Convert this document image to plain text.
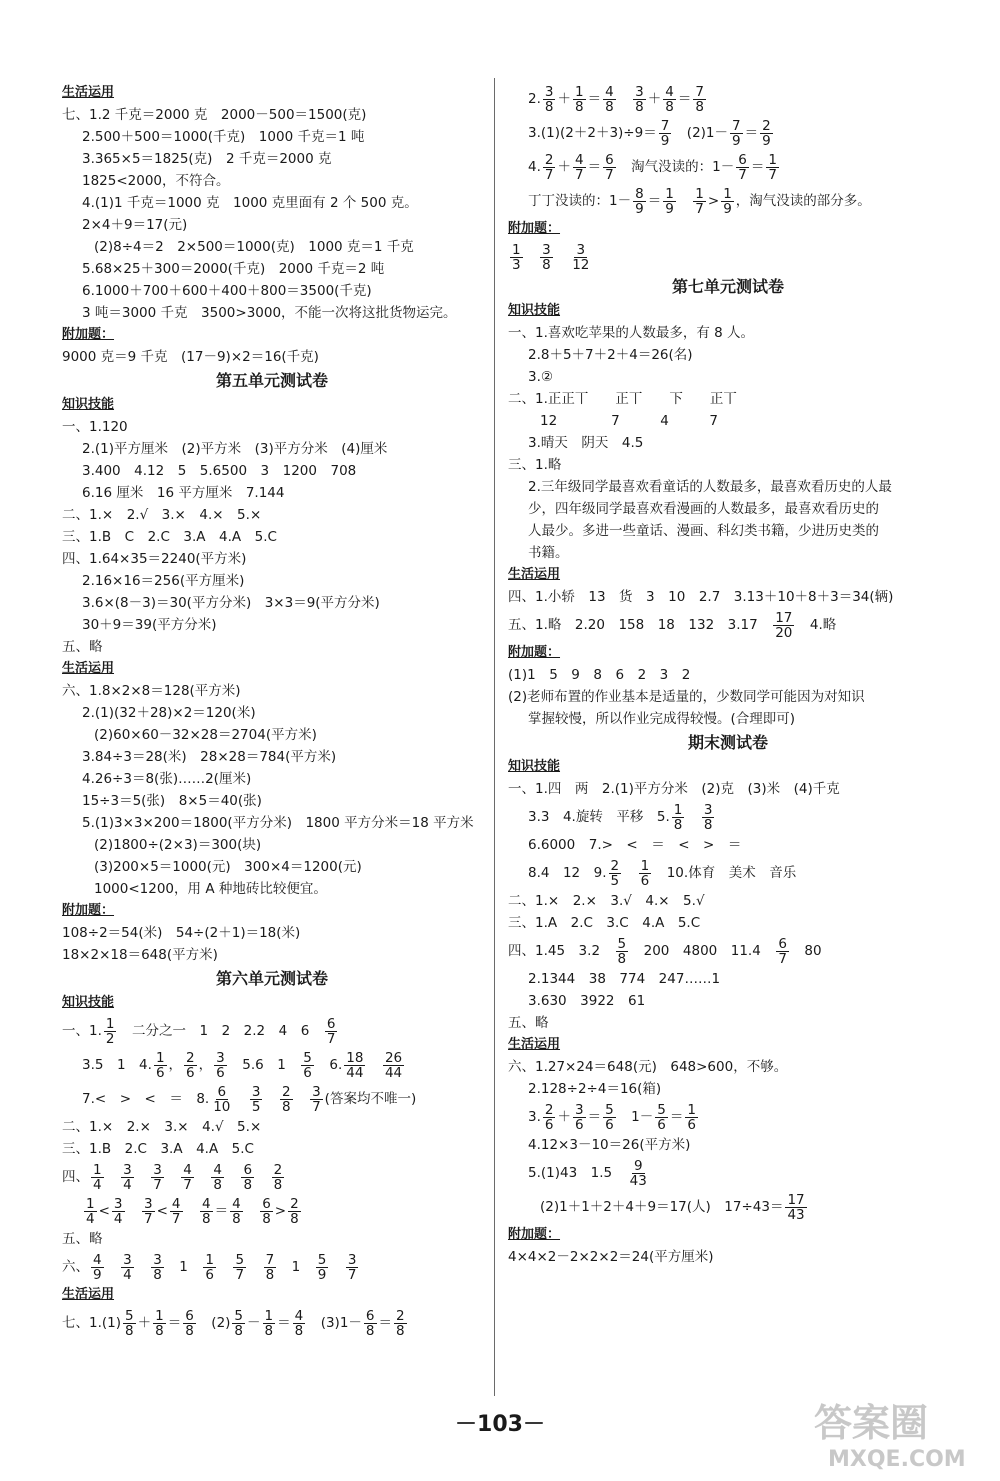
生活运用
七、1.2 千克＝2000 克　2000－500＝1500(克)
2.500＋500＝1000(千克)　1000 千克＝1 吨
3.365×5＝1825(克)　2 千克＝2000 克
1825<2000，不符合。
4.(1)1 千克＝1000 克　1000 克里面有 2 个 500 克。
2×4＋9＝17(元)
(2)8÷4＝2　2×500＝1000(克)　1000 克＝1 千克
5.68×25＋300＝2000(千克)　2000 千克＝2 吨
6.1000＋700＋600＋400＋800＝3500(千克)
3 吨＝3000 千克　3500>3000，不能一次将这批货物运完。
附加题：
9000 克＝9 千克　(17－9)×2＝16(千克)
第五单元测试卷
知识技能
一、1.120
2.(1)平方厘米　(2)平方米　(3)平方分米　(4)厘米
3.400　4.12　5　5.6500　3　1200　708
6.16 厘米　16 平方厘米　7.144
二、1.×　2.√　3.×　4.×　5.×
三、1.B　C　2.C　3.A　4.A　5.C
四、1.64×35＝2240(平方米)
2.16×16＝256(平方厘米)
3.6×(8－3)＝30(平方分米)　3×3＝9(平方分米)
30＋9＝39(平方分米)
五、略
生活运用
六、1.8×2×8＝128(平方米)
2.(1)(32＋28)×2＝120(米)
(2)60×60－32×28＝2704(平方米)
3.84÷3＝28(米)　28×28＝784(平方米)
4.26÷3＝8(张)……2(厘米)
15÷3＝5(张)　8×5＝40(张)
5.(1)3×3×200＝1800(平方分米)　1800 平方分米＝18 平方米
(2)1800÷(2×3)＝300(块)
(3)200×5＝1000(元)　300×4＝1200(元)
1000<1200，用 A 种地砖比较便宜。
附加题：
108÷2＝54(米)　54÷(2＋1)＝18(米)
18×2×18＝648(平方米)
第六单元测试卷
知识技能
一、1. $\frac{1}{2}$ 　二分之一　1　2　2.2　4　6　 $\frac{6}{7}$
3.5　1　4. $\frac{1}{6}$ ， $\frac{2}{6}$ ， $\frac{3}{6}$ 　5.6　1　 $\frac{5}{6}$ 　6. $\frac{18}{44}$
　 $\frac{26}{44}$
7.<　>　<　＝　8. $\frac{6}{10}$
　 $\frac{3}{5}$
　 $\frac{2}{8}$
　 $\frac{3}{7}$ (答案均不唯一)
二、1.×　2.×　3.×　4.√　5.×
三、1.B　2.C　3.A　4.A　5.C
四、 $\frac{1}{4}$
　 $\frac{3}{4}$
　 $\frac{3}{7}$
　 $\frac{4}{7}$
　 $\frac{4}{8}$
　 $\frac{6}{8}$
　 $\frac{2}{8}$
$\frac{1}{4} < \frac{3}{4}$
　 $\frac{3}{7} < \frac{4}{7}$
　 $\frac{4}{8} = \frac{4}{8}$
　 $\frac{6}{8} > \frac{2}{8}$
五、略
六、 $\frac{4}{9}$
　 $\frac{3}{4}$
　 $\frac{3}{8}$ 　1　 $\frac{1}{6}$
　 $\frac{5}{7}$
　 $\frac{7}{8}$ 　1　 $\frac{5}{9}$
　 $\frac{3}{7}$
生活运用
七、$1.(1) \frac{5}{8} + \frac{1}{8} = \frac{6}{8}$ 　$(2) \frac{5}{8} - \frac{1}{8} = \frac{4}{8}$ 　$(3)1- \frac{6}{8} = \frac{2}{8}$
2. $\frac{3}{8} + \frac{1}{8} = \frac{4}{8}$
　 $\frac{3}{8} + \frac{4}{8} = \frac{7}{8}$
$3.(1)(2+2+3)\div 9= \frac{7}{9}$ 　$(2)1- \frac{7}{9} = \frac{2}{9}$
4. $\frac{2}{7} + \frac{4}{7} = \frac{6}{7}$ 　淘气没读的：$1- \frac{6}{7} = \frac{1}{7}$
丁丁没读的：$1- \frac{8}{9} = \frac{1}{9}$
　 $\frac{1}{7} > \frac{1}{9}$ ，淘气没读的部分多。
附加题：
$\frac{1}{3}$
　 $\frac{3}{8}$
　 $\frac{3}{12}$
第七单元测试卷
知识技能
一、1.喜欢吃苹果的人数最多，有 8 人。
2.8＋5＋7＋2＋4＝26(名)
3.②
二、1.正正丅　　正丅　　下　　正丅
12　　　　7　　　4　　　7
3.晴天　阴天　4.5
三、1.略
2.三年级同学最喜欢看童话的人数最多，最喜欢看历史的人最
少，四年级同学最喜欢看漫画的人数最多，最喜欢看历史的
人最少。多进一些童话、漫画、科幻类书籍，少进历史类的
书籍。
生活运用
四、1.小轿　13　货　3　10　2.7　3.13＋10＋8＋3＝34(辆)
五、1.略　2.20　158　18　132　3.17　 $\frac{17}{20}$ 　4.略
附加题：
(1)1　5　9　8　6　2　3　2
(2)老师布置的作业基本是适量的，少数同学可能因为对知识
掌握较慢，所以作业完成得较慢。(合理即可)
期末测试卷
知识技能
一、1.四　两　2.(1)平方分米　(2)克　(3)米　(4)千克
3.3　4.旋转　平移　5. $\frac{1}{8}$
　 $\frac{3}{8}$
6.6000　7.>　<　＝　<　>　＝
8.4　12　9. $\frac{2}{5}$
　 $\frac{1}{6}$ 　10.体育　美术　音乐
二、1.×　2.×　3.√　4.×　5.√
三、1.A　2.C　3.C　4.A　5.C
四、1.45　3.2　 $\frac{5}{8}$ 　200　4800　11.4　 $\frac{6}{7}$ 　80
2.1344　38　774　247……1
3.630　3922　61
五、略
生活运用
六、1.27×24＝648(元)　648>600，不够。
2.128÷2÷4＝16(箱)
3. $\frac{2}{6} + \frac{3}{6} = \frac{5}{6}$ 　$1- \frac{5}{6} = \frac{1}{6}$
4.12×3－10＝26(平方米)
5.(1)43　1.5　 $\frac{9}{43}$
(2)1＋1＋2＋4＋9＝17(人)　$17\div 43= \frac{17}{43}$
附加题：
4×4×2－2×2×2＝24(平方厘米)
－103－	答案圈
MXQE.COM
